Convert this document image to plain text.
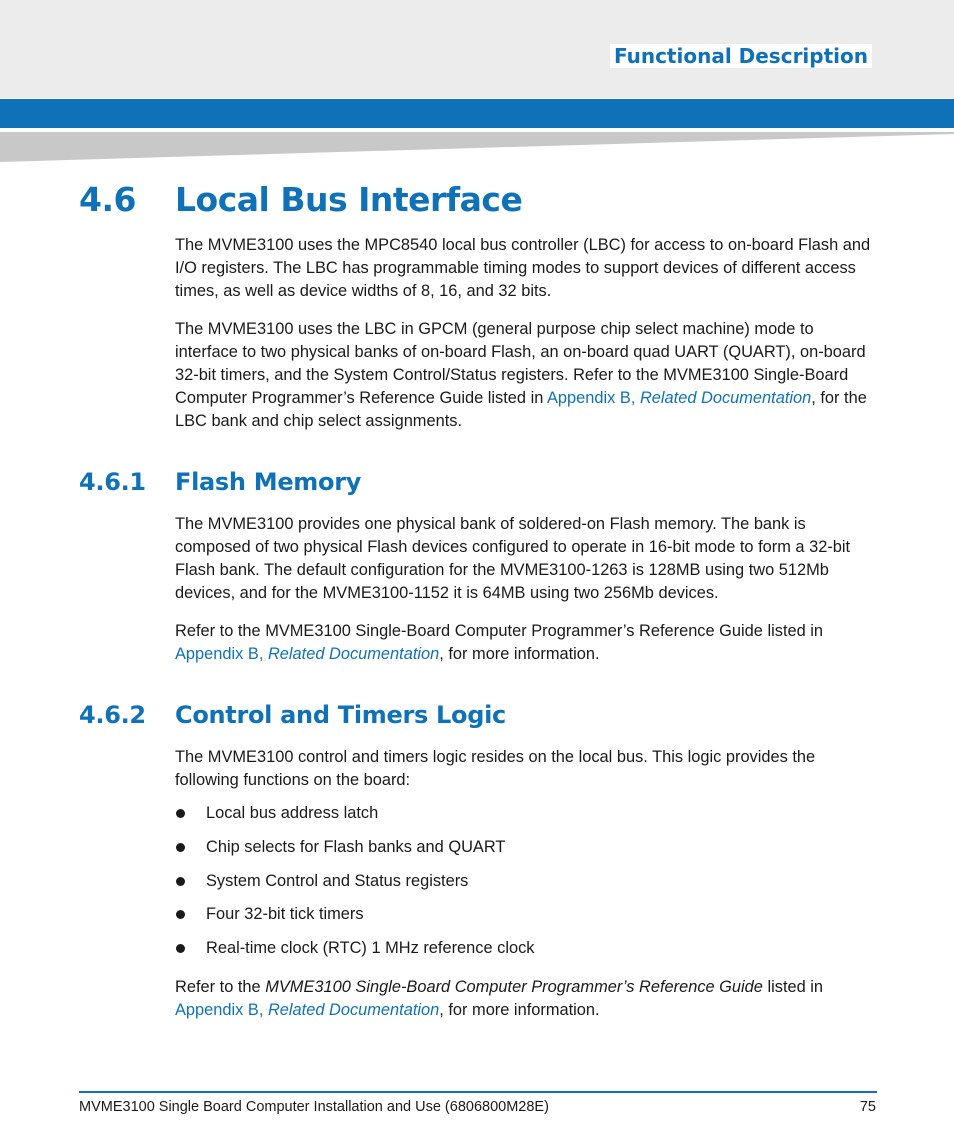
Functional Description
4.6 Local Bus Interface

The MVME3100 uses the MPC8540 local bus controller (LBC) for access to on-board Flash and I/O registers. The LBC has programmable timing modes to support devices of different access times, as well as device widths of 8, 16, and 32 bits.

The MVME3100 uses the LBC in GPCM (general purpose chip select machine) mode to interface to two physical banks of on-board Flash, an on-board quad UART (QUART), on-board 32-bit timers, and the System Control/Status registers. Refer to the MVME3100 Single-Board Computer Programmer’s Reference Guide listed in Appendix B, Related Documentation, for the LBC bank and chip select assignments.

4.6.1 Flash Memory

The MVME3100 provides one physical bank of soldered-on Flash memory. The bank is composed of two physical Flash devices configured to operate in 16-bit mode to form a 32-bit Flash bank. The default configuration for the MVME3100-1263 is 128MB using two 512Mb devices, and for the MVME3100-1152 it is 64MB using two 256Mb devices.

Refer to the MVME3100 Single-Board Computer Programmer’s Reference Guide listed in Appendix B, Related Documentation, for more information.

4.6.2 Control and Timers Logic

The MVME3100 control and timers logic resides on the local bus. This logic provides the following functions on the board:

Local bus address latch
Chip selects for Flash banks and QUART
System Control and Status registers
Four 32-bit tick timers
Real-time clock (RTC) 1 MHz reference clock

Refer to the MVME3100 Single-Board Computer Programmer’s Reference Guide listed in Appendix B, Related Documentation, for more information.

MVME3100 Single Board Computer Installation and Use (6806800M28E)	75
